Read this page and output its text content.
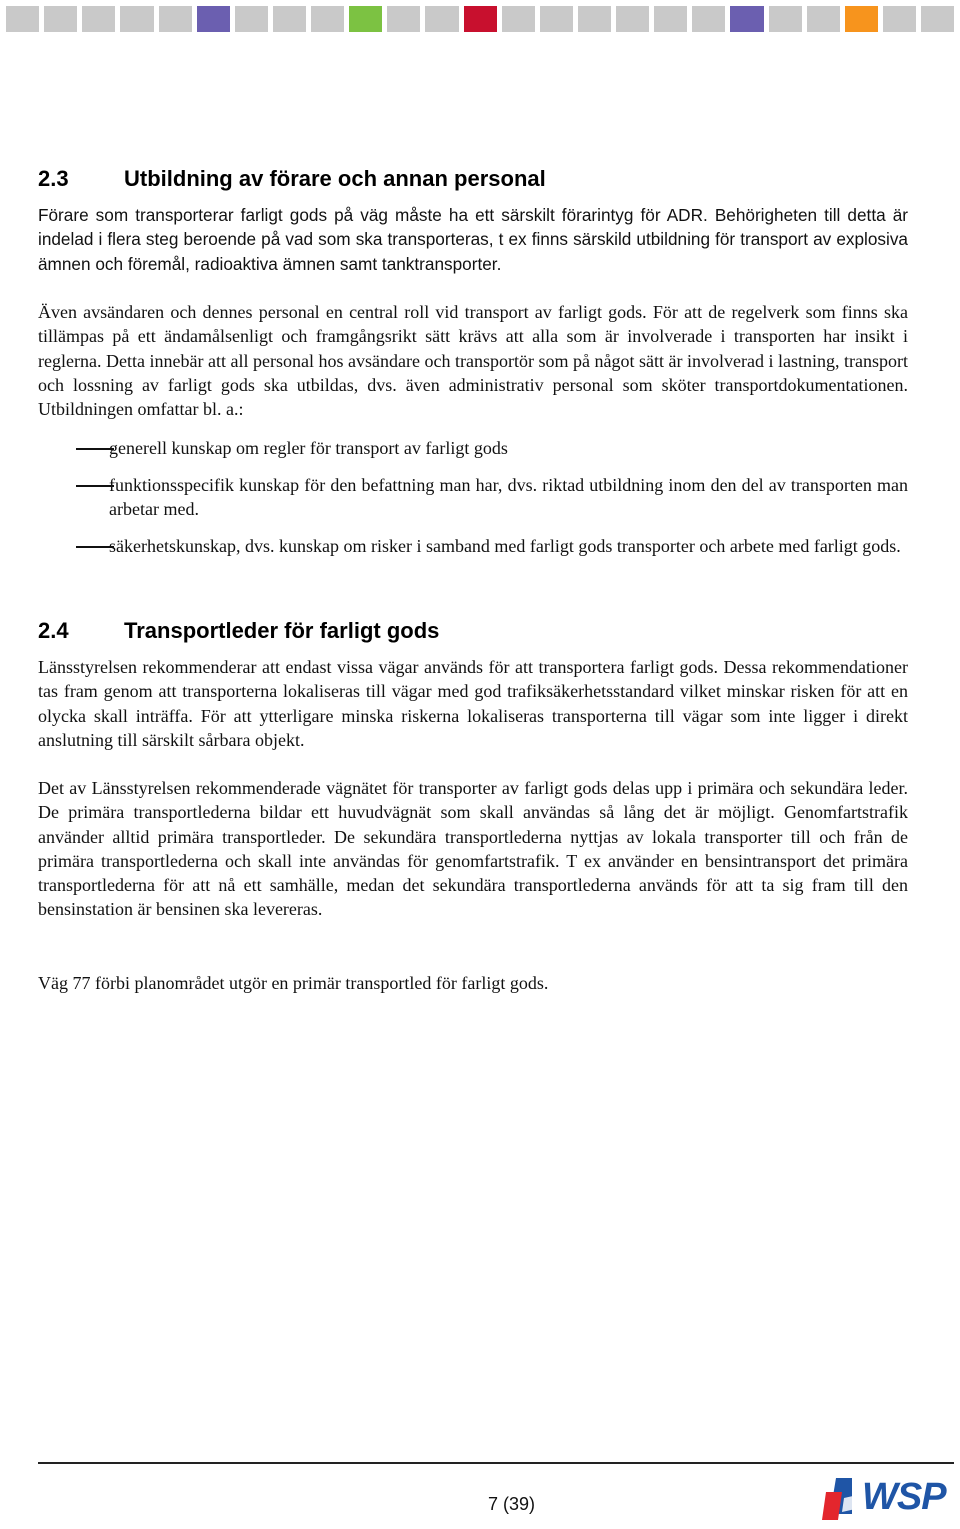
2.3	Utbildning av förare och annan personal

Förare som transporterar farligt gods på väg måste ha ett särskilt förarintyg för ADR. Behörigheten till detta är indelad i flera steg beroende på vad som ska transporteras, t ex finns särskild utbildning för transport av explosiva ämnen och föremål, radioaktiva ämnen samt tanktransporter.

Även avsändaren och dennes personal en central roll vid transport av farligt gods. För att de regelverk som finns ska tillämpas på ett ändamålsenligt och framgångsrikt sätt krävs att alla som är involverade i transporten har insikt i reglerna. Detta innebär att all personal hos avsändare och transportör som på något sätt är involverad i lastning, transport och lossning av farligt gods ska utbildas, dvs. även administrativ personal som sköter transportdokumentationen. Utbildningen omfattar bl. a.:

generell kunskap om regler för transport av farligt gods

funktionsspecifik kunskap för den befattning man har, dvs. riktad utbildning inom den del av transporten man arbetar med.

säkerhetskunskap, dvs. kunskap om risker i samband med farligt gods transporter och arbete med farligt gods.

2.4	Transportleder för farligt gods

Länsstyrelsen rekommenderar att endast vissa vägar används för att transportera farligt gods. Dessa rekommendationer tas fram genom att transporterna lokaliseras till vägar med god trafiksäkerhetsstandard vilket minskar risken för att en olycka skall inträffa. För att ytterligare minska riskerna lokaliseras transporterna till vägar som inte ligger i direkt anslutning till särskilt sårbara objekt.

Det av Länsstyrelsen rekommenderade vägnätet för transporter av farligt gods delas upp i primära och sekundära leder. De primära transportlederna bildar ett huvudvägnät som skall användas så lång det är möjligt. Genomfartstrafik använder alltid primära transportleder. De sekundära transportlederna nyttjas av lokala transporter till och från de primära transportlederna och skall inte användas för genomfartstrafik. T ex använder en bensintransport det primära transportlederna för att nå ett samhälle, medan det sekundära transportlederna används för att ta sig fram till den bensinstation är bensinen ska levereras.

Väg 77 förbi planområdet utgör en primär transportled för farligt gods.

7 (39)	WSP
